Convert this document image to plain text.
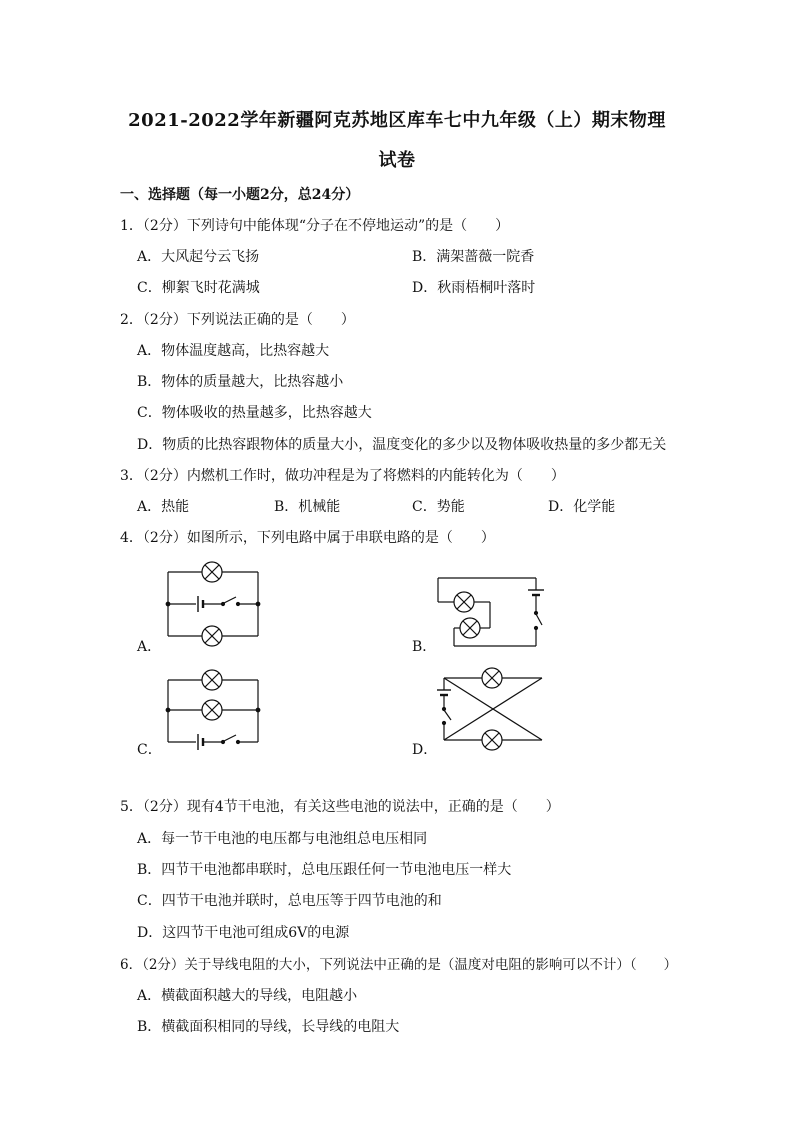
2021-2022学年新疆阿克苏地区库车七中九年级（上）期末物理
试卷
一、选择题（每一小题2分，总24分）
1．（2分）下列诗句中能体现“分子在不停地运动”的是（　　）
A．大风起兮云飞扬	B．满架蔷薇一院香
C．柳絮飞时花满城	D．秋雨梧桐叶落时
2．（2分）下列说法正确的是（　　）
A．物体温度越高，比热容越大
B．物体的质量越大，比热容越小
C．物体吸收的热量越多，比热容越大
D．物质的比热容跟物体的质量大小，温度变化的多少以及物体吸收热量的多少都无关
3．（2分）内燃机工作时，做功冲程是为了将燃料的内能转化为（　　）
A．热能	B．机械能	C．势能	D．化学能
4．（2分）如图所示，下列电路中属于串联电路的是（　　）
A．	B．
C．	D．
5．（2分）现有4节干电池，有关这些电池的说法中，正确的是（　　）
A．每一节干电池的电压都与电池组总电压相同
B．四节干电池都串联时，总电压跟任何一节电池电压一样大
C．四节干电池并联时，总电压等于四节电池的和
D．这四节干电池可组成6V的电源
6．（2分）关于导线电阻的大小，下列说法中正确的是（温度对电阻的影响可以不计）（　　）
A．横截面积越大的导线，电阻越小
B．横截面积相同的导线，长导线的电阻大
